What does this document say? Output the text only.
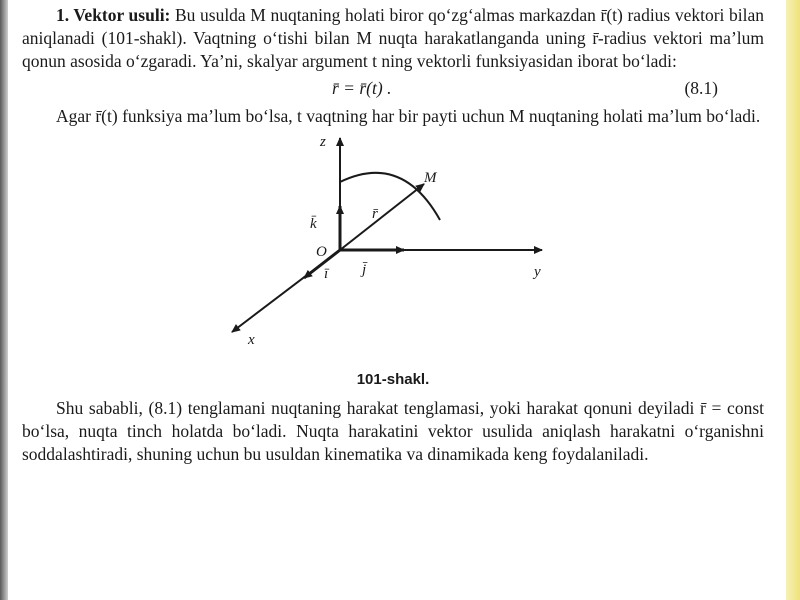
1. Vektor usuli: Bu usulda M nuqtaning holati biror qo‘zg‘almas markazdan r̄(t) radius vektori bilan aniqlanadi (101-shakl). Vaqtning o‘tishi bilan M nuqta harakatlanganda uning r̄-radius vektori ma’lum qonun asosida o‘zgaradi. Ya’ni, skalyar argument t ning vektorli funksiyasidan iborat bo‘ladi:

r̄ = r̄(t) .	(8.1)

Agar r̄(t) funksiya ma’lum bo‘lsa, t vaqtning har bir payti uchun M nuqtaning holati ma’lum bo‘ladi.

z
y
x
O
M
r̄
k̄
ī j̄
101-shakl.

Shu sababli, (8.1) tenglamani nuqtaning harakat tenglamasi, yoki harakat qonuni deyiladi r̄ = const bo‘lsa, nuqta tinch holatda bo‘ladi. Nuqta harakatini vektor usulida aniqlash harakatni o‘rganishni soddalashtiradi, shuning uchun bu usuldan kinematika va dinamikada keng foydalaniladi.
